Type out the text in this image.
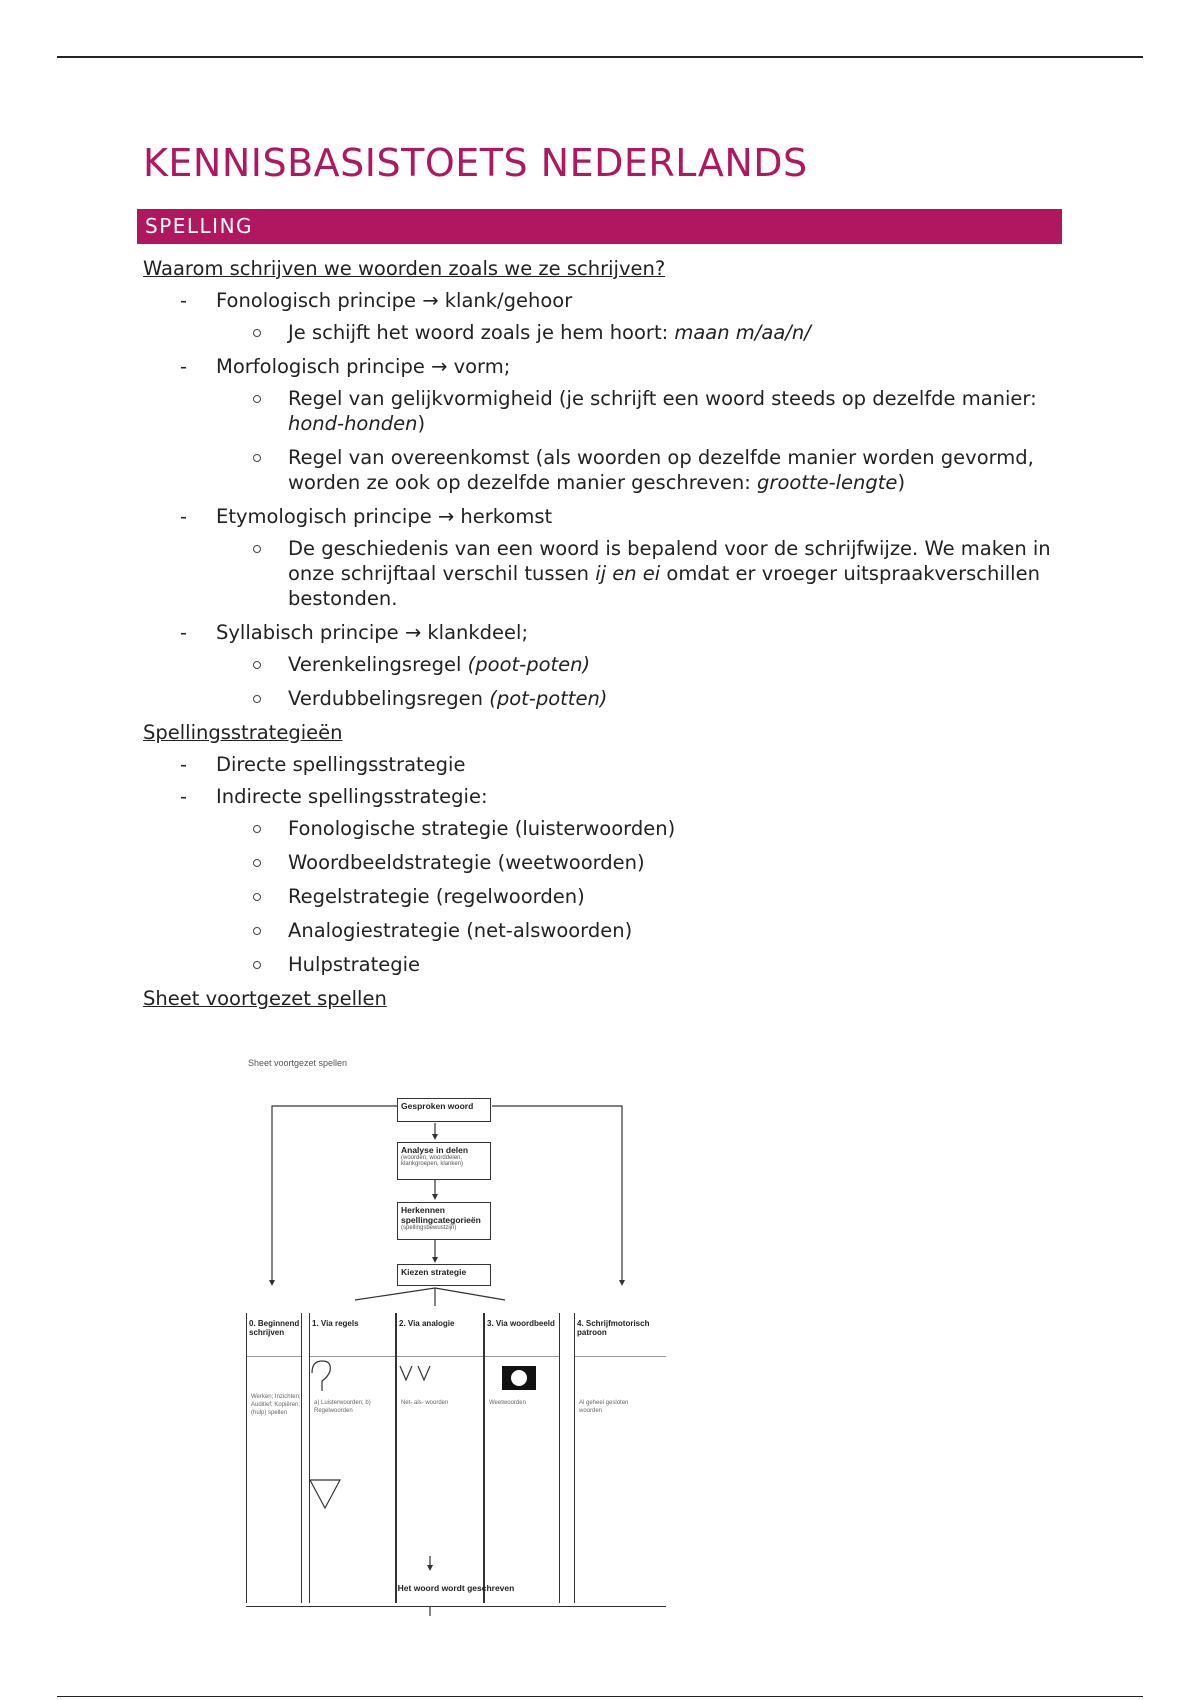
KENNISBASISTOETS NEDERLANDS
SPELLING
Waarom schrijven we woorden zoals we ze schrijven?
- Fonologisch principe → klank/gehoor
Je schijft het woord zoals je hem hoort: maan m/aa/n/
- Morfologisch principe → vorm;
Regel van gelijkvormigheid (je schrijft een woord steeds op dezelfde manier: hond-honden)
Regel van overeenkomst (als woorden op dezelfde manier worden gevormd, worden ze ook op dezelfde manier geschreven: grootte-lengte)
- Etymologisch principe → herkomst
De geschiedenis van een woord is bepalend voor de schrijfwijze. We maken in onze schrijftaal verschil tussen ij en ei omdat er vroeger uitspraakverschillen bestonden.
- Syllabisch principe → klankdeel;
Verenkelingsregel (poot-poten)
Verdubbelingsregen (pot-potten)
Spellingsstrategieën
- Directe spellingsstrategie
- Indirecte spellingsstrategie:
Fonologische strategie (luisterwoorden)
Woordbeeldstrategie (weetwoorden)
Regelstrategie (regelwoorden)
Analogiestrategie (net-alswoorden)
Hulpstrategie
Sheet voortgezet spellen
Sheet voortgezet spellen
Gesproken woord
Analyse in delen
(woorden, woorddelen, klankgroepen, klanken)
Herkennen spellingcategorieën
(spellingsbewustzijn)
Kiezen strategie
0. Beginnend schrijven
Werken; Inzichten; Auditief; Kopiëren; (hulp) spellen
1. Via regels
a) Luisterwoorden; b) Regelwoorden
2. Via analogie
Net- als- woorden
3. Via woordbeeld
Weetwoorden
4. Schrijfmotorisch patroon
Al geheel gesloten woorden
Het woord wordt geschreven
